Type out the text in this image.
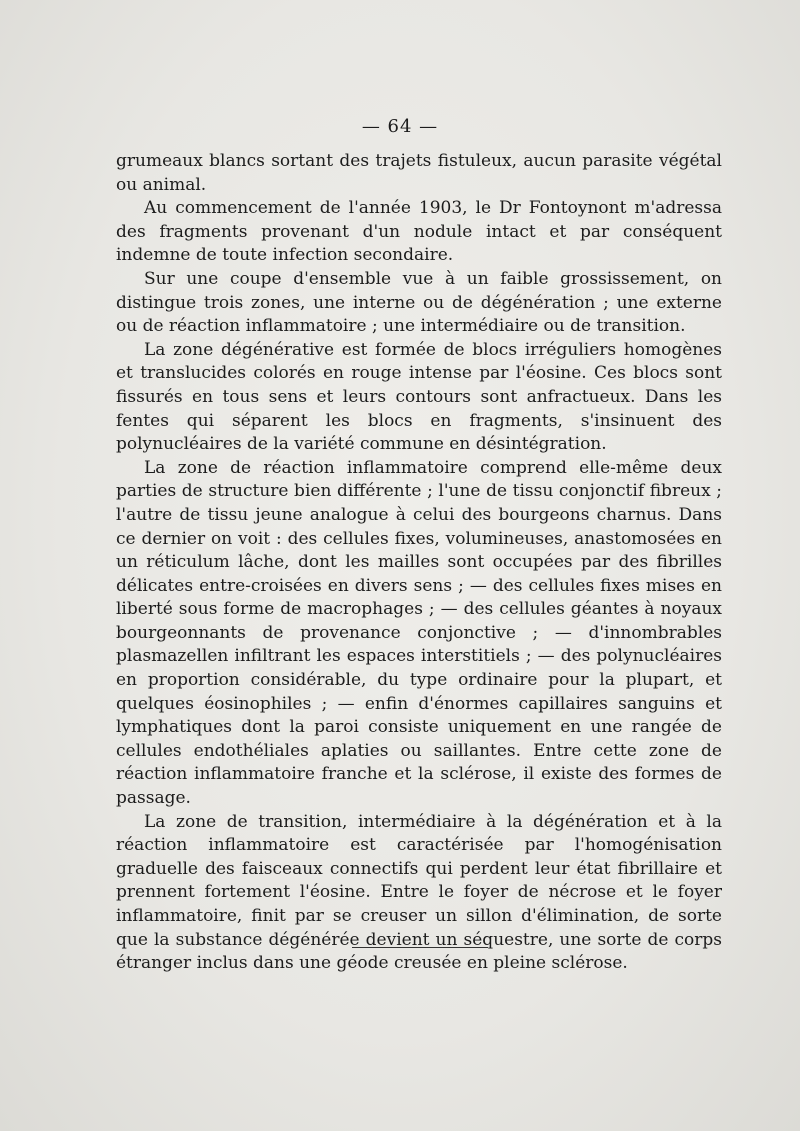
— 64 —

grumeaux blancs sortant des trajets fistuleux, aucun parasite végétal ou animal.

Au commencement de l'année 1903, le Dr Fontoynont m'adressa des fragments provenant d'un nodule intact et par conséquent indemne de toute infection secondaire.

Sur une coupe d'ensemble vue à un faible grossissement, on distingue trois zones, une interne ou de dégénération ; une externe ou de réaction inflammatoire ; une intermédiaire ou de transition.

La zone dégénérative est formée de blocs irréguliers homogènes et translucides colorés en rouge intense par l'éosine. Ces blocs sont fissurés en tous sens et leurs contours sont anfractueux. Dans les fentes qui séparent les blocs en fragments, s'insinuent des polynucléaires de la variété commune en désintégration.

La zone de réaction inflammatoire comprend elle-même deux parties de structure bien différente ; l'une de tissu conjonctif fibreux ; l'autre de tissu jeune analogue à celui des bourgeons charnus. Dans ce dernier on voit : des cellules fixes, volumineuses, anastomosées en un réticulum lâche, dont les mailles sont occupées par des fibrilles délicates entre-croisées en divers sens ; — des cellules fixes mises en liberté sous forme de macrophages ; — des cellules géantes à noyaux bourgeonnants de provenance conjonctive ; — d'innombrables plasmazellen infiltrant les espaces interstitiels ; — des polynucléaires en proportion considérable, du type ordinaire pour la plupart, et quelques éosinophiles ; — enfin d'énormes capillaires sanguins et lymphatiques dont la paroi consiste uniquement en une rangée de cellules endothéliales aplaties ou saillantes. Entre cette zone de réaction inflammatoire franche et la sclérose, il existe des formes de passage.

La zone de transition, intermédiaire à la dégénération et à la réaction inflammatoire est caractérisée par l'homogénisation graduelle des faisceaux connectifs qui perdent leur état fibrillaire et prennent fortement l'éosine. Entre le foyer de nécrose et le foyer inflammatoire, finit par se creuser un sillon d'élimination, de sorte que la substance dégénérée devient un séquestre, une sorte de corps étranger inclus dans une géode creusée en pleine sclérose.
